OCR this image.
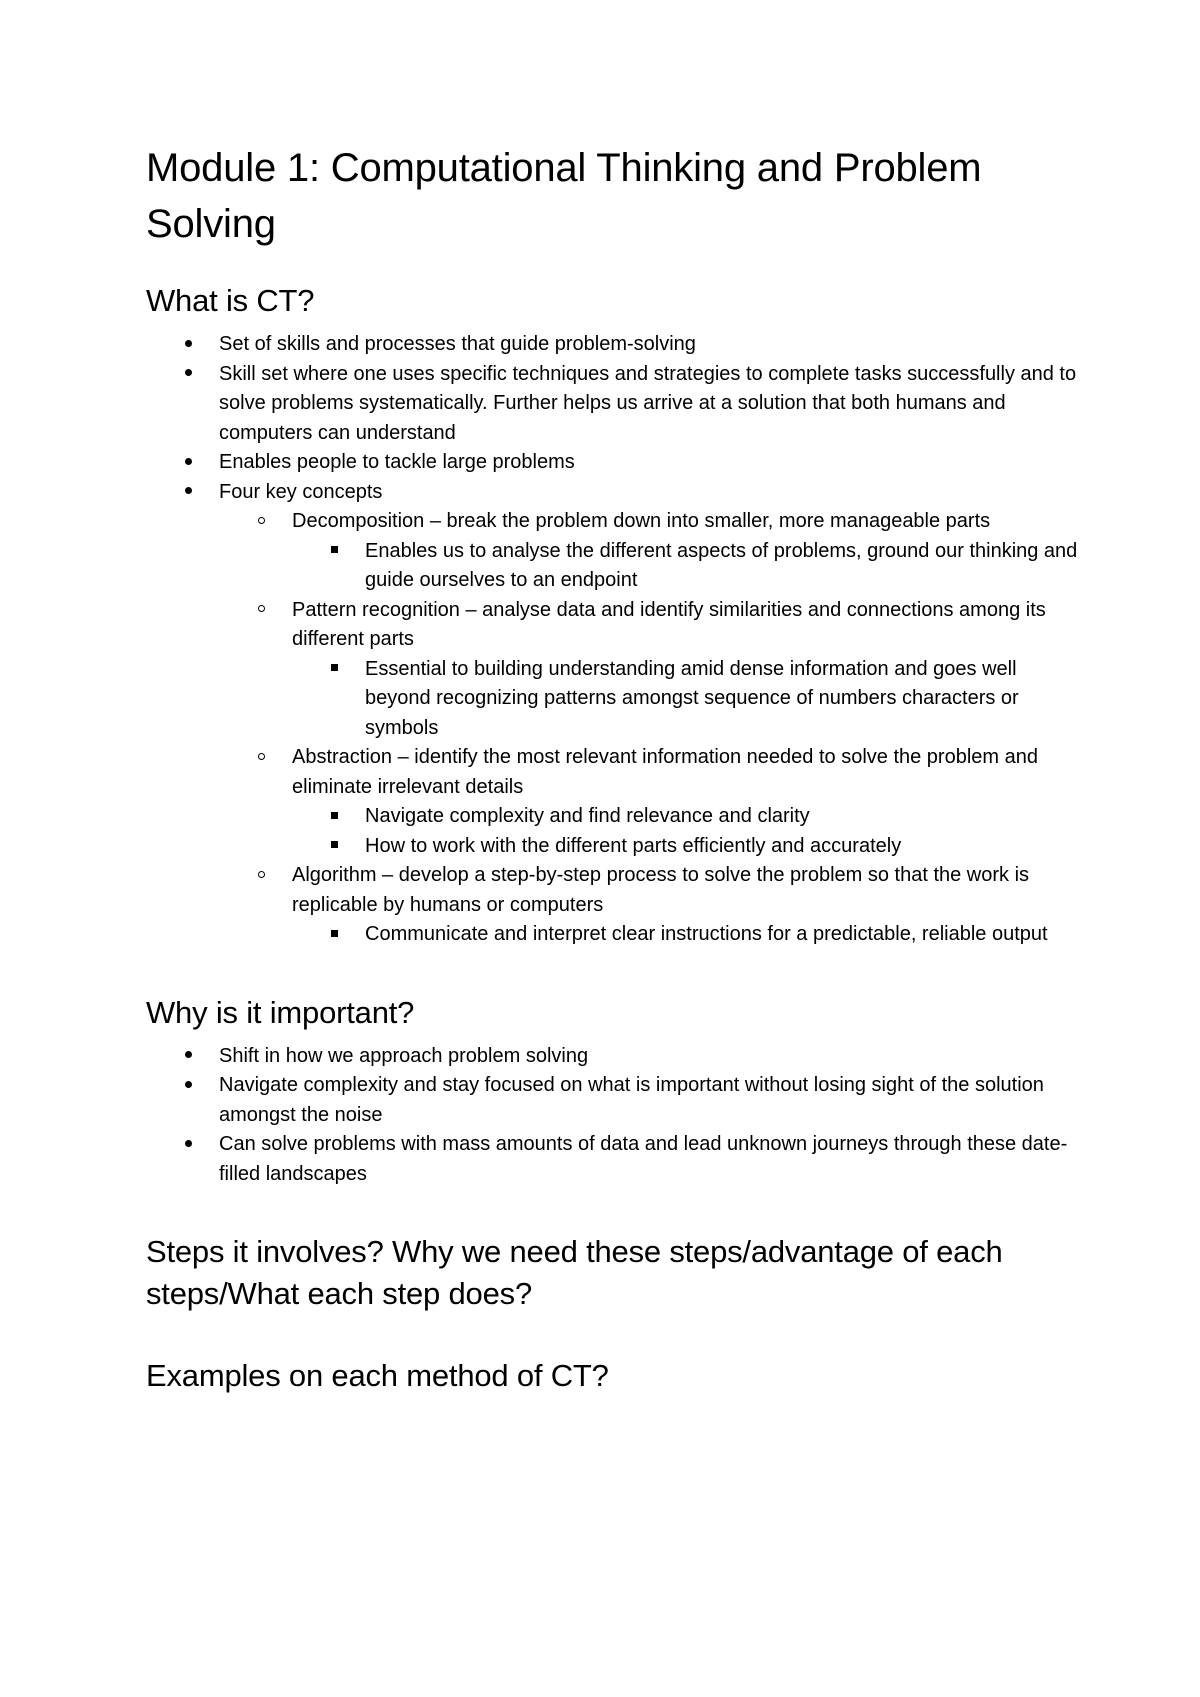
Module 1: Computational Thinking and Problem Solving
What is CT?
Set of skills and processes that guide problem-solving
Skill set where one uses specific techniques and strategies to complete tasks successfully and to solve problems systematically. Further helps us arrive at a solution that both humans and computers can understand
Enables people to tackle large problems
Four key concepts
Decomposition – break the problem down into smaller, more manageable parts
Enables us to analyse the different aspects of problems, ground our thinking and guide ourselves to an endpoint
Pattern recognition – analyse data and identify similarities and connections among its different parts
Essential to building understanding amid dense information and goes well beyond recognizing patterns amongst sequence of numbers characters or symbols
Abstraction – identify the most relevant information needed to solve the problem and eliminate irrelevant details
Navigate complexity and find relevance and clarity
How to work with the different parts efficiently and accurately
Algorithm – develop a step-by-step process to solve the problem so that the work is replicable by humans or computers
Communicate and interpret clear instructions for a predictable, reliable output
Why is it important?
Shift in how we approach problem solving
Navigate complexity and stay focused on what is important without losing sight of the solution amongst the noise
Can solve problems with mass amounts of data and lead unknown journeys through these date-filled landscapes
Steps it involves? Why we need these steps/advantage of each steps/What each step does?
Examples on each method of CT?
